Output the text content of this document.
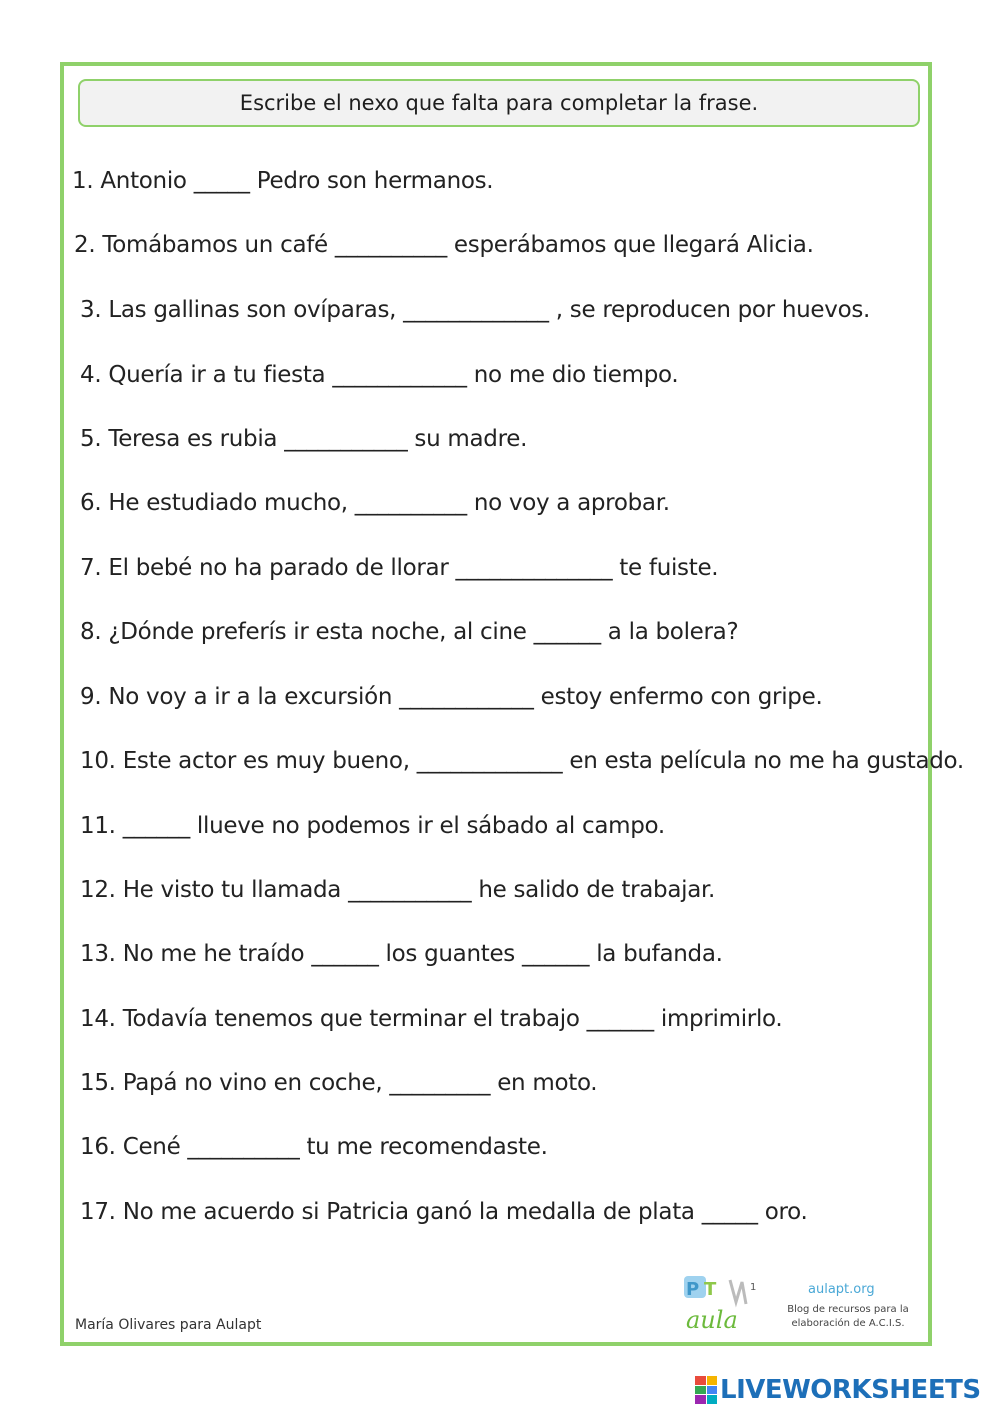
Escribe el nexo que falta para completar la frase.
1. Antonio _____ Pedro son hermanos.
2. Tomábamos un café __________ esperábamos que llegará Alicia.
3. Las gallinas son ovíparas, _____________ , se reproducen por huevos.
4. Quería ir a tu fiesta ____________ no me dio tiempo.
5. Teresa es rubia ___________ su madre.
6. He estudiado mucho, __________ no voy a aprobar.
7. El bebé no ha parado de llorar ______________ te fuiste.
8. ¿Dónde preferís ir esta noche, al cine ______ a la bolera?
9. No voy a ir a la excursión ____________ estoy enfermo con gripe.
10. Este actor es muy bueno, _____________ en esta película no me ha gustado.
11. ______ llueve no podemos ir el sábado al campo.
12. He visto tu llamada ___________ he salido de trabajar.
13. No me he traído ______ los guantes ______ la bufanda.
14. Todavía tenemos que terminar el trabajo ______ imprimirlo.
15. Papá no vino en coche, _________ en moto.
16. Cené __________ tu me recomendaste.
17. No me acuerdo si Patricia ganó la medalla de plata _____ oro.
María Olivares para Aulapt
P T	1
aula
aulapt.org
Blog de recursos para la elaboración de A.C.I.S.
LIVEWORKSHEETS
